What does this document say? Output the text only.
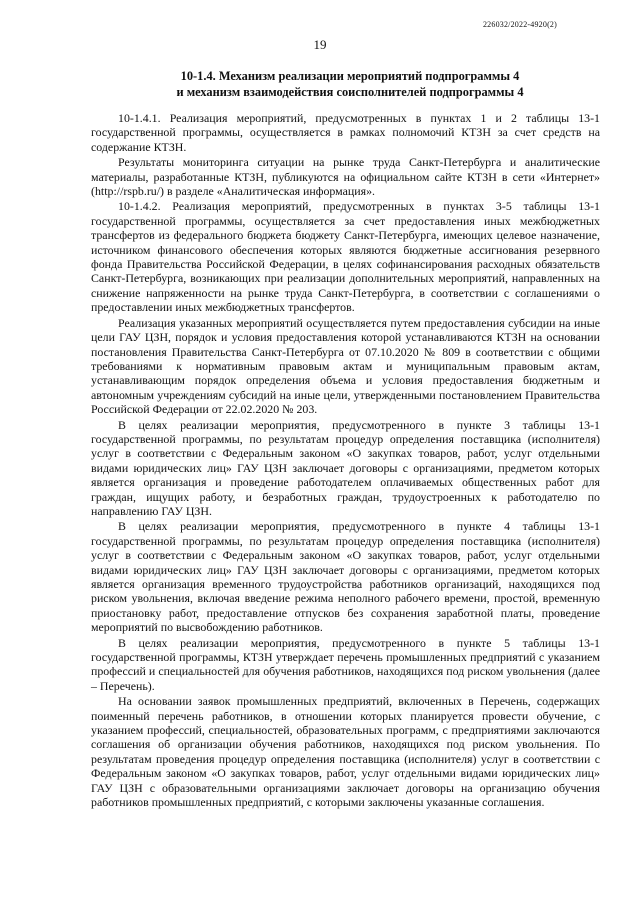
226032/2022-4920(2)
19
10-1.4. Механизм реализации мероприятий подпрограммы 4
и механизм взаимодействия соисполнителей подпрограммы 4

10-1.4.1. Реализация мероприятий, предусмотренных в пунктах 1 и 2 таблицы 13-1 государственной программы, осуществляется в рамках полномочий КТЗН за счет средств на содержание КТЗН.

Результаты мониторинга ситуации на рынке труда Санкт-Петербурга и аналитические материалы, разработанные КТЗН, публикуются на официальном сайте КТЗН в сети «Интернет» (http://rspb.ru/) в разделе «Аналитическая информация».

10-1.4.2. Реализация мероприятий, предусмотренных в пунктах 3-5 таблицы 13-1 государственной программы, осуществляется за счет предоставления иных межбюджетных трансфертов из федерального бюджета бюджету Санкт-Петербурга, имеющих целевое назначение, источником финансового обеспечения которых являются бюджетные ассигнования резервного фонда Правительства Российской Федерации, в целях софинансирования расходных обязательств Санкт-Петербурга, возникающих при реализации дополнительных мероприятий, направленных на снижение напряженности на рынке труда Санкт-Петербурга, в соответствии с соглашениями о предоставлении иных межбюджетных трансфертов.

Реализация указанных мероприятий осуществляется путем предоставления субсидии на иные цели ГАУ ЦЗН, порядок и условия предоставления которой устанавливаются КТЗН на основании постановления Правительства Санкт-Петербурга от 07.10.2020 № 809 в соответствии с общими требованиями к нормативным правовым актам и муниципальным правовым актам, устанавливающим порядок определения объема и условия предоставления бюджетным и автономным учреждениям субсидий на иные цели, утвержденными постановлением Правительства Российской Федерации от 22.02.2020 № 203.

В целях реализации мероприятия, предусмотренного в пункте 3 таблицы 13-1 государственной программы, по результатам процедур определения поставщика (исполнителя) услуг в соответствии с Федеральным законом «О закупках товаров, работ, услуг отдельными видами юридических лиц» ГАУ ЦЗН заключает договоры с организациями, предметом которых является организация и проведение работодателем оплачиваемых общественных работ для граждан, ищущих работу, и безработных граждан, трудоустроенных к работодателю по направлению ГАУ ЦЗН.

В целях реализации мероприятия, предусмотренного в пункте 4 таблицы 13-1 государственной программы, по результатам процедур определения поставщика (исполнителя) услуг в соответствии с Федеральным законом «О закупках товаров, работ, услуг отдельными видами юридических лиц» ГАУ ЦЗН заключает договоры с организациями, предметом которых является организация временного трудоустройства работников организаций, находящихся под риском увольнения, включая введение режима неполного рабочего времени, простой, временную приостановку работ, предоставление отпусков без сохранения заработной платы, проведение мероприятий по высвобождению работников.

В целях реализации мероприятия, предусмотренного в пункте 5 таблицы 13-1 государственной программы, КТЗН утверждает перечень промышленных предприятий с указанием профессий и специальностей для обучения работников, находящихся под риском увольнения (далее – Перечень).

На основании заявок промышленных предприятий, включенных в Перечень, содержащих поименный перечень работников, в отношении которых планируется провести обучение, с указанием профессий, специальностей, образовательных программ, с предприятиями заключаются соглашения об организации обучения работников, находящихся под риском увольнения. По результатам проведения процедур определения поставщика (исполнителя) услуг в соответствии с Федеральным законом «О закупках товаров, работ, услуг отдельными видами юридических лиц» ГАУ ЦЗН с образовательными организациями заключает договоры на организацию обучения работников промышленных предприятий, с которыми заключены указанные соглашения.
